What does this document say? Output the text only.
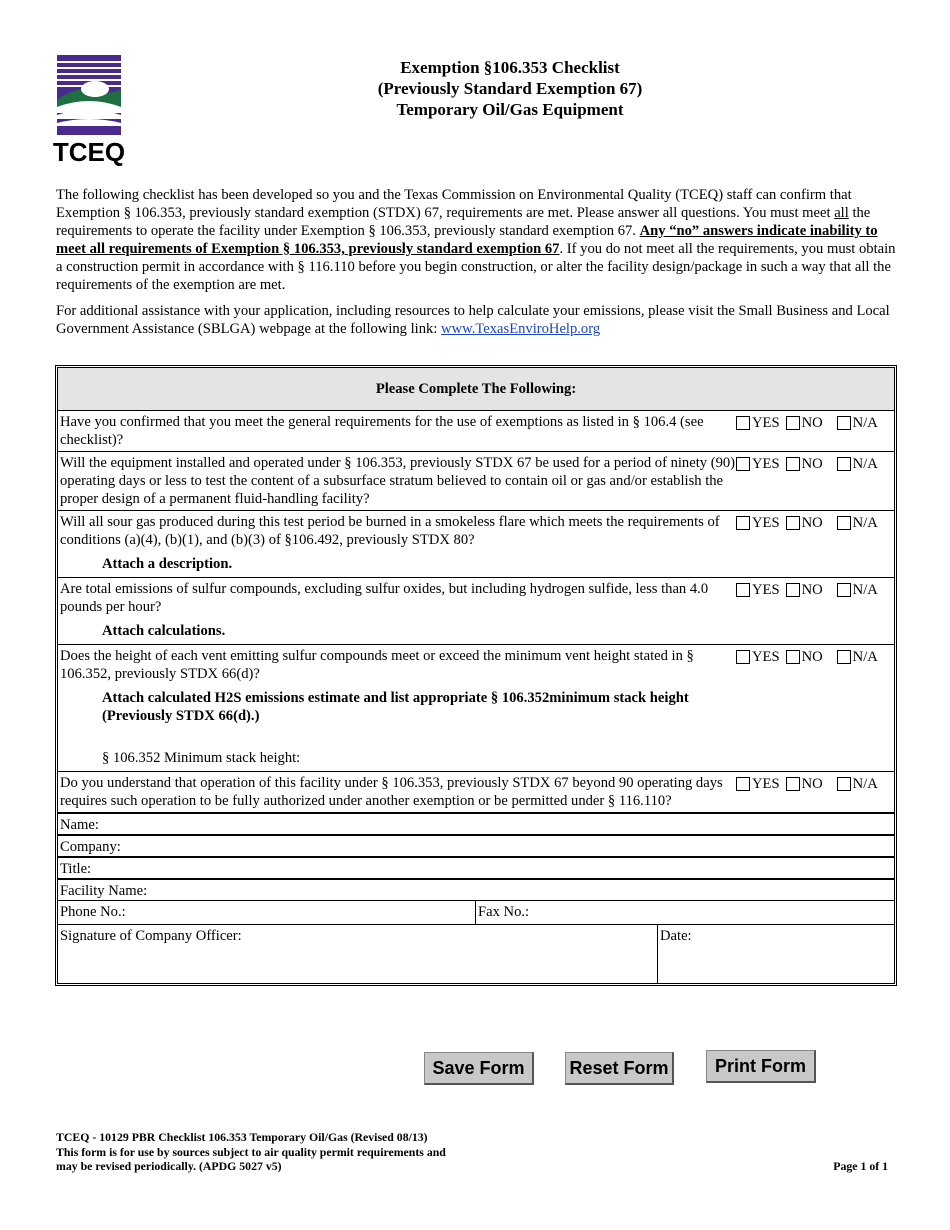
TCEQ
Exemption §106.353 Checklist
(Previously Standard Exemption 67)
Temporary Oil/Gas Equipment

The following checklist has been developed so you and the Texas Commission on Environmental Quality (TCEQ) staff can confirm that Exemption § 106.353, previously standard exemption (STDX) 67, requirements are met. Please answer all questions. You must meet all the requirements to operate the facility under Exemption § 106.353, previously standard exemption 67. Any “no” answers indicate inability to meet all requirements of Exemption § 106.353, previously standard exemption 67. If you do not meet all the requirements, you must obtain a construction permit in accordance with § 116.110 before you begin construction, or alter the facility design/package in such a way that all the requirements of the exemption are met.

For additional assistance with your application, including resources to help calculate your emissions, please visit the Small Business and Local Government Assistance (SBLGA) webpage at the following link: www.TexasEnviroHelp.org

Please Complete The Following:
Have you confirmed that you meet the general requirements for the use of exemptions as listed in § 106.4 (see checklist)?
YES NO N/A
Will the equipment installed and operated under § 106.353, previously STDX 67 be used for a period of ninety (90) operating days or less to test the content of a subsurface stratum believed to contain oil or gas and/or establish the proper design of a permanent fluid-handling facility?
YES NO N/A
Will all sour gas produced during this test period be burned in a smokeless flare which meets the requirements of conditions (a)(4), (b)(1), and (b)(3) of §106.492, previously STDX 80?
YES NO N/A
Attach a description.
Are total emissions of sulfur compounds, excluding sulfur oxides, but including hydrogen sulfide, less than 4.0 pounds per hour?
YES NO N/A
Attach calculations.
Does the height of each vent emitting sulfur compounds meet or exceed the minimum vent height stated in § 106.352, previously STDX 66(d)?
YES NO N/A
Attach calculated H2S emissions estimate and list appropriate § 106.352minimum stack height (Previously STDX 66(d).)
§ 106.352 Minimum stack height:
Do you understand that operation of this facility under § 106.353, previously STDX 67 beyond 90 operating days requires such operation to be fully authorized under another exemption or be permitted under § 116.110?
YES NO N/A
Name:
Company:
Title:
Facility Name:
Phone No.:	Fax No.:
Signature of Company Officer:	Date:
Save Form	Reset Form	Print Form
TCEQ - 10129 PBR Checklist 106.353 Temporary Oil/Gas (Revised 08/13)
This form is for use by sources subject to air quality permit requirements and
may be revised periodically. (APDG 5027 v5)	Page 1 of 1
